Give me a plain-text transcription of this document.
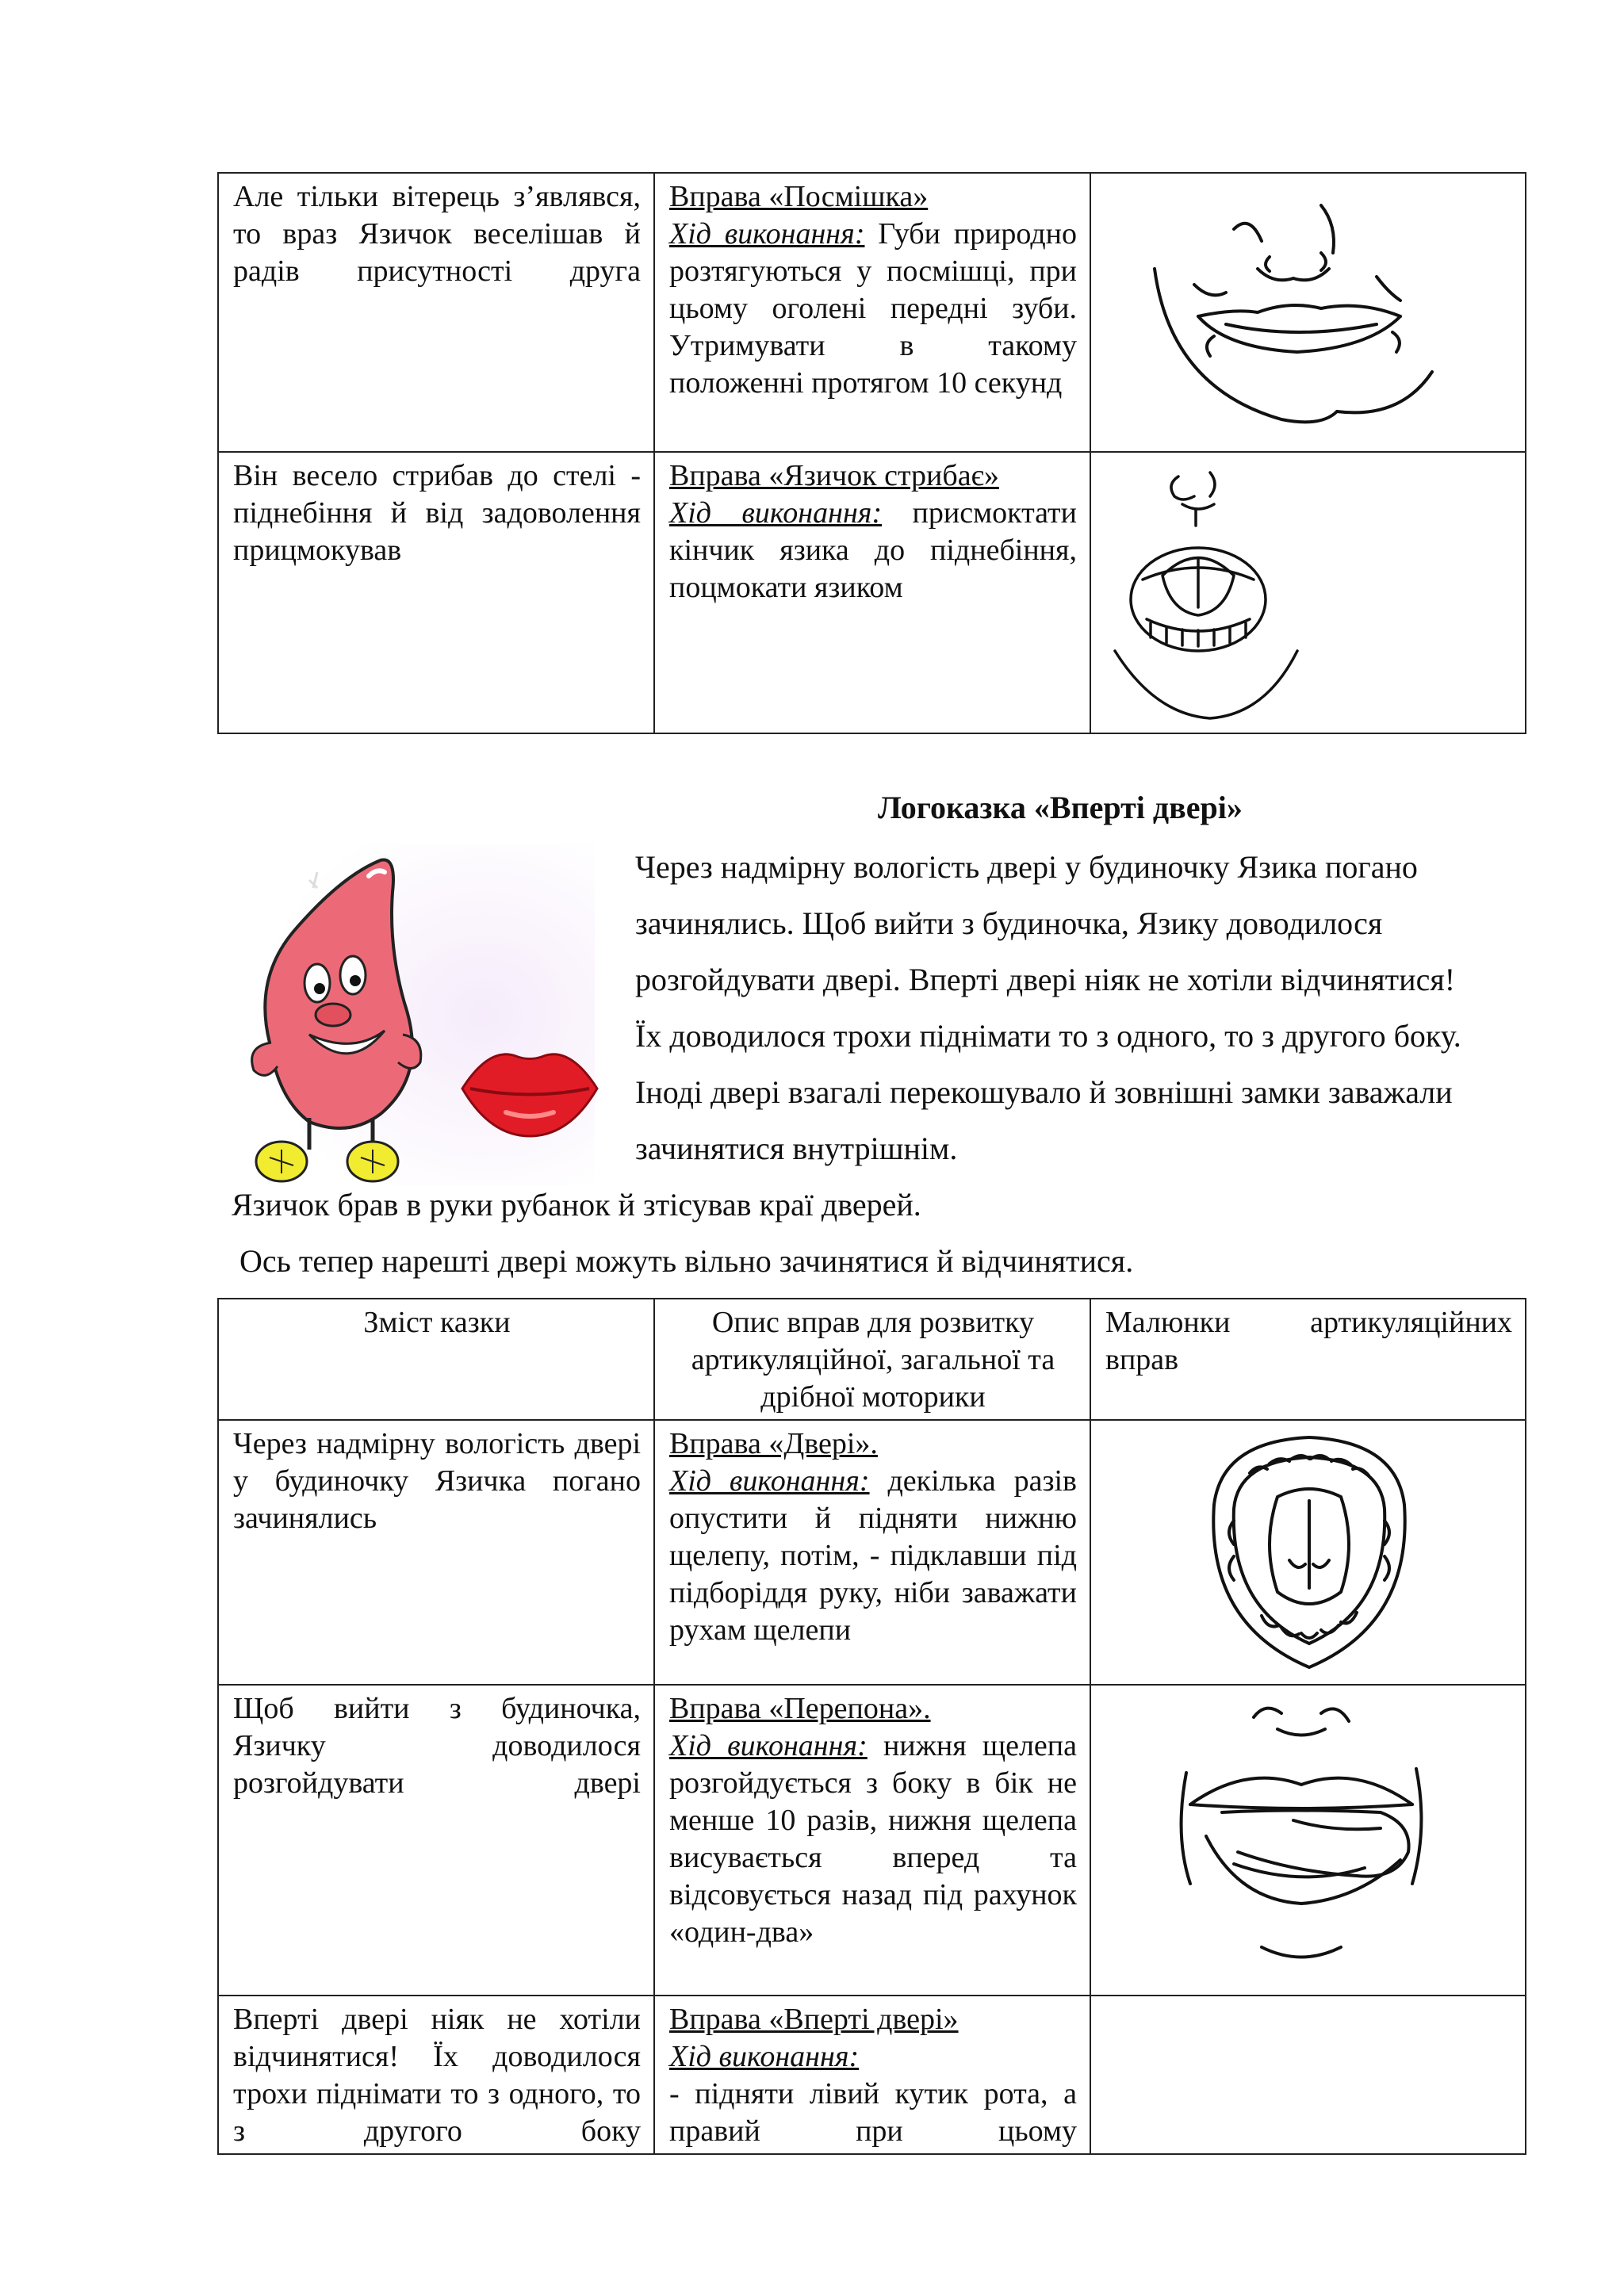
Але тільки вітерець з’являвся, то враз Язичок веселішав й радів присутності друга	Вправа «Посмішка»
Хід виконання: Губи природно розтягуються у посмішці, при цьому оголені передні зуби. Утримувати в такому положенні протягом 10 секунд	

Він весело стрибав до стелі - піднебіння й від задоволення прицмокував	Вправа «Язичок стрибає»
Хід виконання: присмоктати кінчик язика до піднебіння, поцмокати язиком	
Логоказка «Вперті двері»
Через надмірну вологість двері у будиночку Язика погано
зачинялись. Щоб вийти з будиночка, Язику доводилося
розгойдувати двері. Вперті двері ніяк не хотіли відчинятися!
Їх доводилося трохи піднімати то з одного, то з другого боку.
Іноді двері взагалі перекошувало й зовнішні замки заважали
зачинятися внутрішнім.
Язичок брав в руки рубанок й зтісував краї дверей.
Ось тепер нарешті двері можуть вільно зачинятися й відчинятися.
Зміст казки	Опис вправ для розвитку артикуляційної, загальної та дрібної моторики	Малюнки артикуляційних вправ
Через надмірну вологість двері у будиночку Язичка погано зачинялись	Вправа «Двері».
Хід виконання: декілька разів опустити й підняти нижню щелепу, потім, - підклавши під підборіддя руку, ніби заважати рухам щелепи	

Щоб вийти з будиночка, Язичку доводилося розгойдувати двері	Вправа «Перепона».
Хід виконання: нижня щелепа розгойдується з боку в бік не менше 10 разів, нижня щелепа висувається вперед та відсовується назад під рахунок «один-два»	

Вперті двері ніяк не хотіли відчинятися! Їх доводилося трохи піднімати то з одного, то з другого боку	Вправа «Вперті двері»
Хід виконання:

- підняти лівий кутик рота, а правий при цьому	
